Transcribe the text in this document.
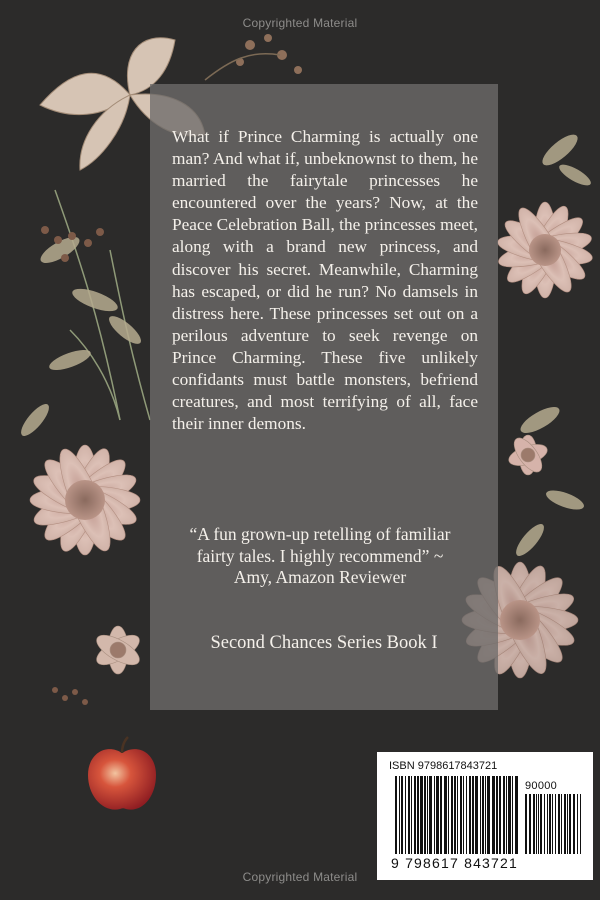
Copyrighted Material
What if Prince Charming is actually one man? And what if, unbeknownst to them, he married the fairytale princesses he encountered over the years? Now, at the Peace Celebration Ball, the princesses meet, along with a brand new princess, and discover his secret. Meanwhile, Charming has escaped, or did he run? No damsels in distress here. These princesses set out on a perilous adventure to seek revenge on Prince Charming. These five unlikely confidants must battle monsters, befriend creatures, and most terrifying of all, face their inner demons.
“A fun grown-up retelling of familiar
fairty tales. I highly recommend” ~
Amy, Amazon Reviewer
Second Chances Series Book I
ISBN 9798617843721
90000
9 798617 843721
Copyrighted Material
